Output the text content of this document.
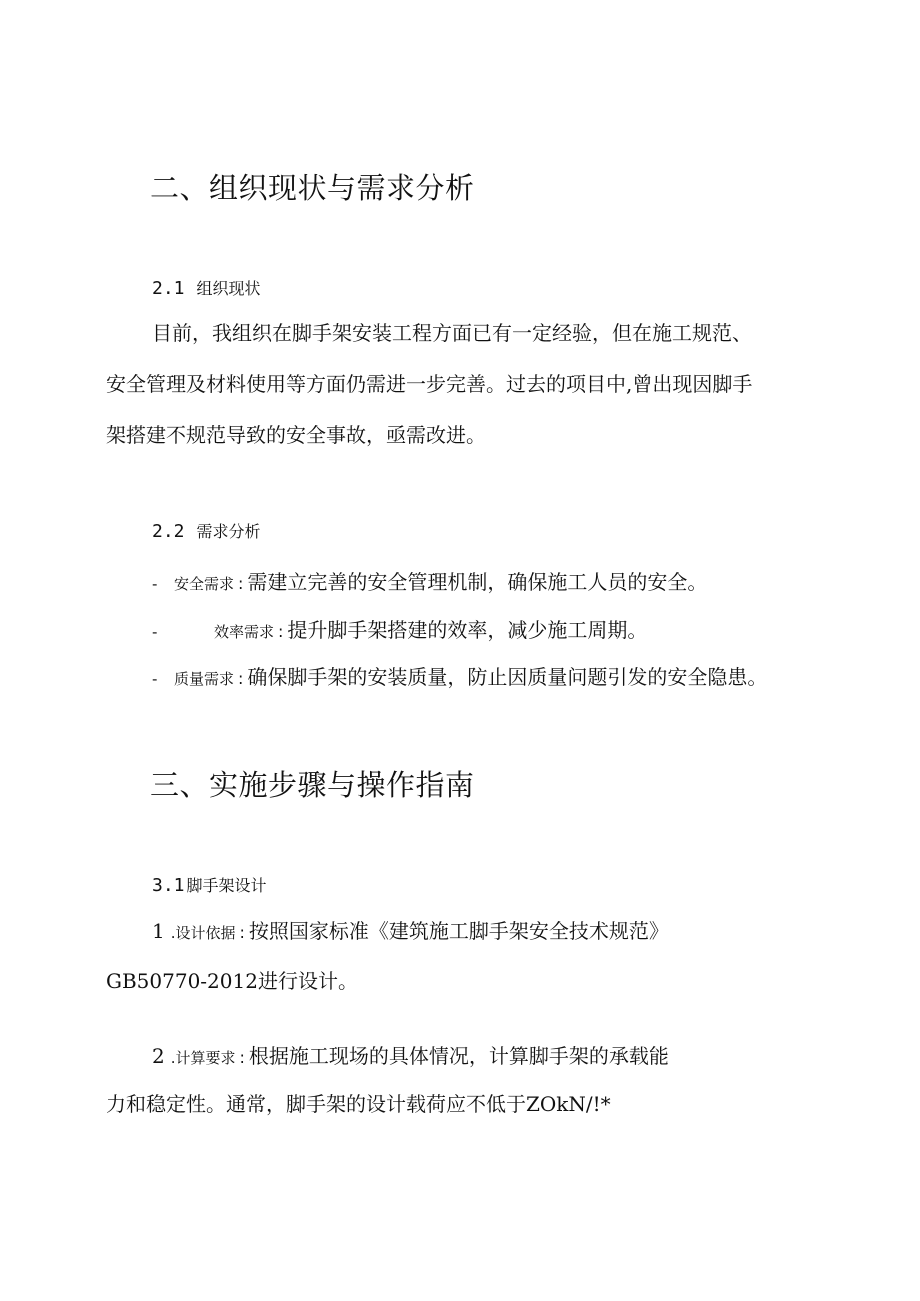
二、组织现状与需求分析
2.1 组织现状
目前，我组织在脚手架安装工程方面已有一定经验，但在施工规范、
安全管理及材料使用等方面仍需进一步完善。过去的项目中,曾出现因脚手
架搭建不规范导致的安全事故，亟需改进。
2.2 需求分析
- 安全需求 : 需建立完善的安全管理机制，确保施工人员的安全。
-	效率需求 : 提升脚手架搭建的效率，减少施工周期。
- 质量需求 : 确保脚手架的安装质量，防止因质量问题引发的安全隐患。
三、实施步骤与操作指南
3.1 脚手架设计
1 .设计依据 : 按照国家标准《建筑施工脚手架安全技术规范》
GB50770-2012进行设计。
2 .计算要求 : 根据施工现场的具体情况，计算脚手架的承载能
力和稳定性。通常，脚手架的设计载荷应不低于ZOkN/!*
